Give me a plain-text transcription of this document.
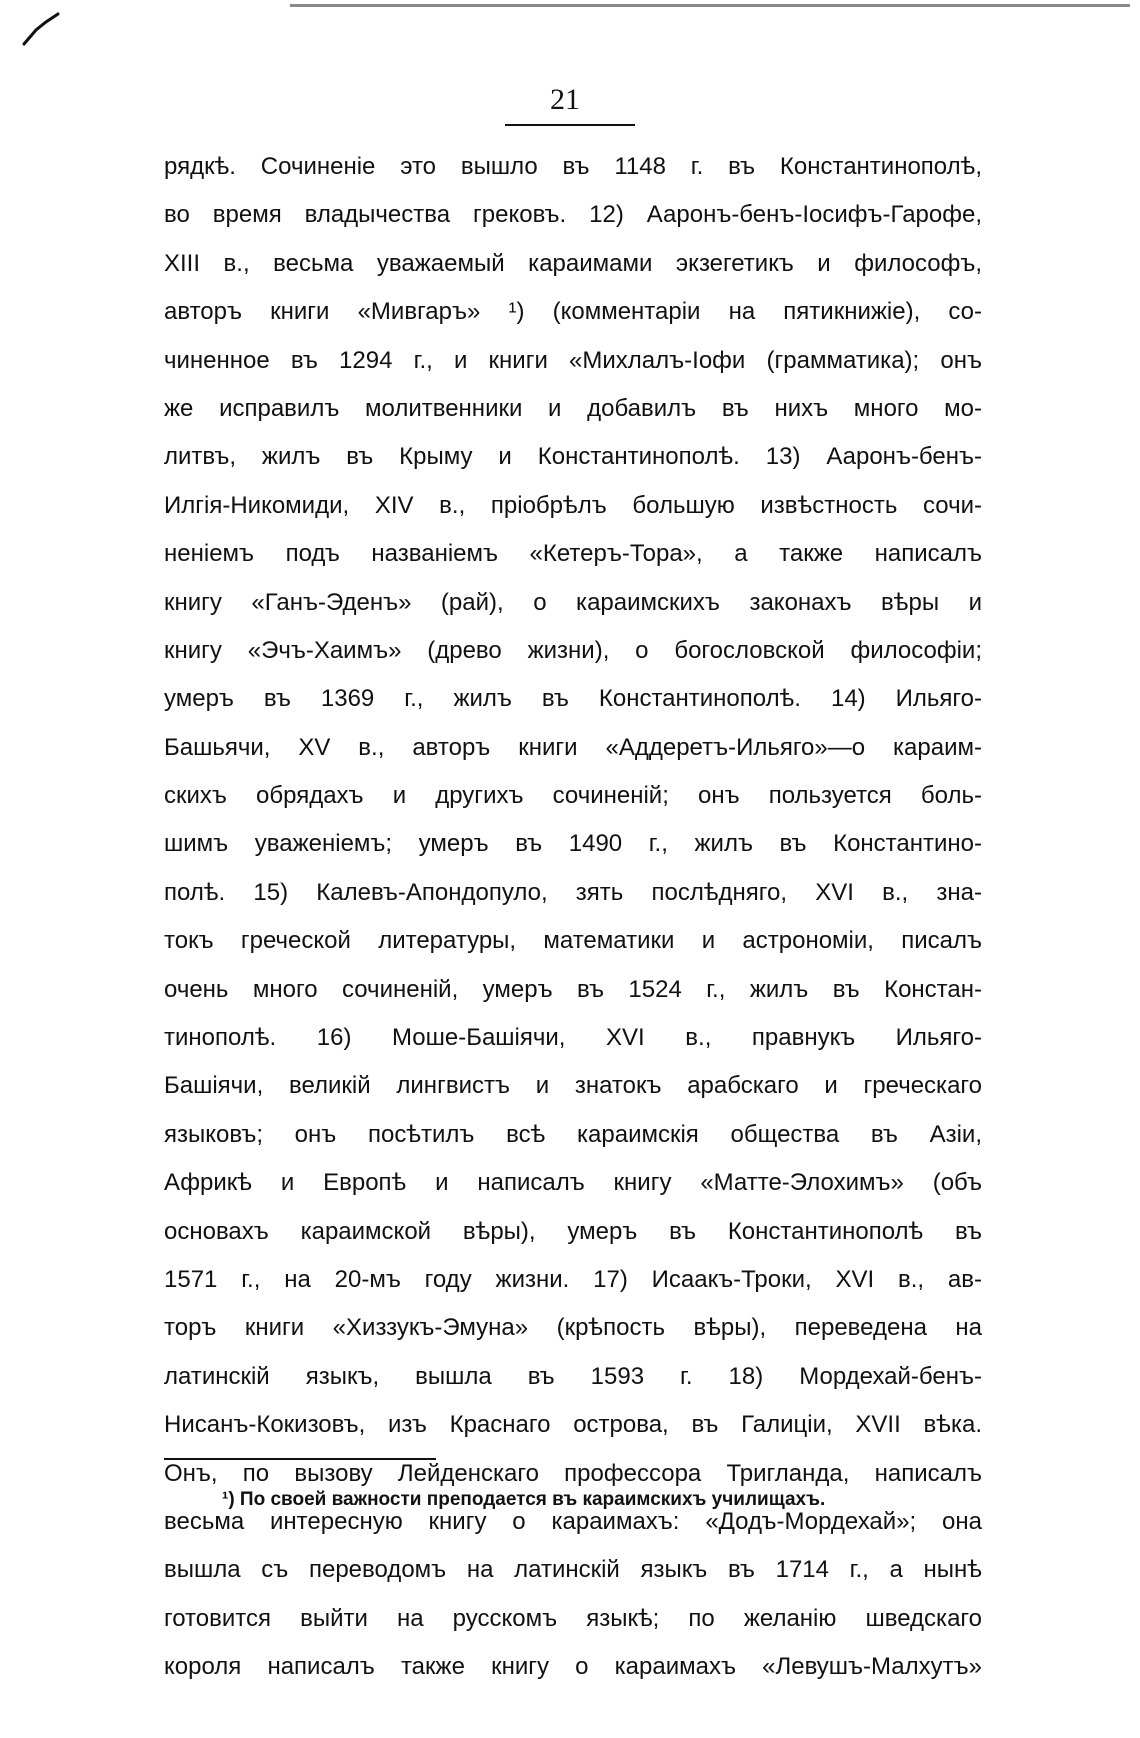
21
рядкѣ. Сочиненіе это вышло въ 1148 г. въ Константинополѣ,
во время владычества грековъ. 12) Ааронъ-бенъ-Іосифъ-Гарофе,
XIII в., весьма уважаемый караимами экзегетикъ и философъ,
авторъ книги «Мивгаръ» ¹) (комментаріи на пятикнижіе), со-
чиненное въ 1294 г., и книги «Михлалъ-Іофи (грамматика); онъ
же исправилъ молитвенники и добавилъ въ нихъ много мо-
литвъ, жилъ въ Крыму и Константинополѣ. 13) Ааронъ-бенъ-
Илгія-Никомиди, XIV в., пріобрѣлъ большую извѣстность сочи-
неніемъ подъ названіемъ «Кетеръ-Тора», а также написалъ
книгу «Ганъ-Эденъ» (рай), о караимскихъ законахъ вѣры и
книгу «Эчъ-Хаимъ» (древо жизни), о богословской философіи;
умеръ въ 1369 г., жилъ въ Константинополѣ. 14) Ильяго-
Башьячи, XV в., авторъ книги «Аддеретъ-Ильяго»—о караим-
скихъ обрядахъ и другихъ сочиненій; онъ пользуется боль-
шимъ уваженіемъ; умеръ въ 1490 г., жилъ въ Константино-
полѣ. 15) Калевъ-Апондопуло, зять послѣдняго, XVI в., зна-
токъ греческой литературы, математики и астрономіи, писалъ
очень много сочиненій, умеръ въ 1524 г., жилъ въ Констан-
тинополѣ. 16) Моше-Башіячи, XVI в., правнукъ Ильяго-
Башіячи, великій лингвистъ и знатокъ арабскаго и греческаго
языковъ; онъ посѣтилъ всѣ караимскія общества въ Азіи,
Африкѣ и Европѣ и написалъ книгу «Матте-Элохимъ» (объ
основахъ караимской вѣры), умеръ въ Константинополѣ въ
1571 г., на 20-мъ году жизни. 17) Исаакъ-Троки, XVI в., ав-
торъ книги «Хиззукъ-Эмуна» (крѣпость вѣры), переведена на
латинскій языкъ, вышла въ 1593 г. 18) Мордехай-бенъ-
Нисанъ-Кокизовъ, изъ Краснаго острова, въ Галиціи, XVII вѣка.
Онъ, по вызову Лейденскаго профессора Тригланда, написалъ
весьма интересную книгу о караимахъ: «Додъ-Мордехай»; она
вышла съ переводомъ на латинскій языкъ въ 1714 г., а нынѣ
готовится выйти на русскомъ языкѣ; по желанію шведскаго
короля написалъ также книгу о караимахъ «Левушъ-Малхутъ»
¹) По своей важности преподается въ караимскихъ училищахъ.
